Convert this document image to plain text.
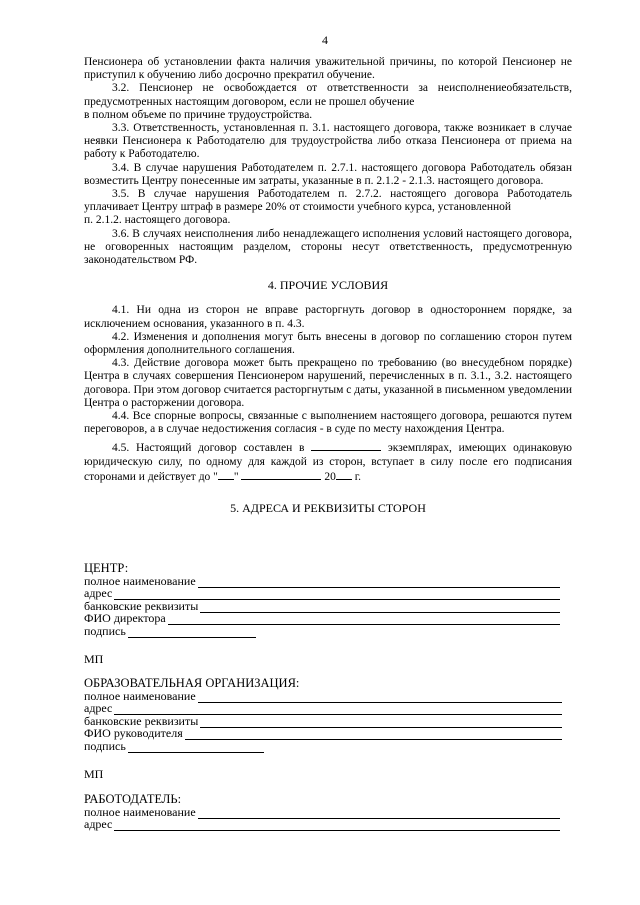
4

Пенсионера об установлении факта наличия уважительной причины, по которой Пенсионер не приступил к обучению либо досрочно прекратил обучение.

3.2. Пенсионер не освобождается от ответственности за неисполнениеобязательств, предусмотренных настоящим договором, если не прошел обучение

в полном объеме по причине трудоустройства.

3.3. Ответственность, установленная п. 3.1. настоящего договора, также возникает в случае неявки Пенсионера к Работодателю для трудоустройства либо отказа Пенсионера от приема на работу к Работодателю.

3.4. В случае нарушения Работодателем п. 2.7.1. настоящего договора Работодатель обязан возместить Центру понесенные им затраты, указанные в п. 2.1.2 - 2.1.3. настоящего договора.

3.5. В случае нарушения Работодателем п. 2.7.2. настоящего договора Работодатель уплачивает Центру штраф в размере 20% от стоимости учебного курса, установленной

п. 2.1.2. настоящего договора.

3.6. В случаях неисполнения либо ненадлежащего исполнения условий настоящего договора, не оговоренных настоящим разделом, стороны несут ответственность, предусмотренную законодательством РФ.

4. ПРОЧИЕ УСЛОВИЯ

4.1. Ни одна из сторон не вправе расторгнуть договор в одностороннем порядке, за исключением основания, указанного в п. 4.3.

4.2. Изменения и дополнения могут быть внесены в договор по соглашению сторон путем оформления дополнительного соглашения.

4.3. Действие договора может быть прекращено по требованию (во внесудебном порядке) Центра в случаях совершения Пенсионером нарушений, перечисленных в п. 3.1., 3.2. настоящего договора. При этом договор считается расторгнутым с даты, указанной в письменном уведомлении Центра о расторжении договора.

4.4. Все спорные вопросы, связанные с выполнением настоящего договора, решаются путем переговоров, а в случае недостижения согласия - в суде по месту нахождения Центра.

4.5. Настоящий договор составлен в	экземплярах, имеющих одинаковую юридическую силу, по одному для каждой из сторон, вступает в силу после его подписания сторонами и действует до " "	20 г.

5. АДРЕСА И РЕКВИЗИТЫ СТОРОН

ЦЕНТР:
полное наименование
адрес
банковские реквизиты
ФИО директора
подпись
МП
ОБРАЗОВАТЕЛЬНАЯ ОРГАНИЗАЦИЯ:
полное наименование
адрес
банковские реквизиты
ФИО руководителя
подпись
МП
РАБОТОДАТЕЛЬ:
полное наименование
адрес
